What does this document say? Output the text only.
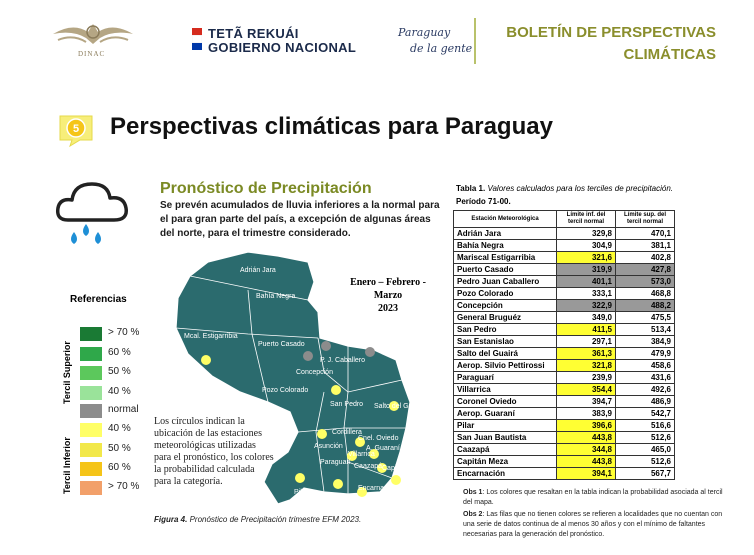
DINAC
TETÃ REKUÁI
GOBIERNO NACIONAL
Paraguay
de la gente
BOLETÍN DE PERSPECTIVAS
CLIMÁTICAS
5 Perspectivas climáticas para Paraguay
Pronóstico de Precipitación
Se prevén acumulados de lluvia inferiores a la normal para el para gran parte del país, a excepción de algunas áreas del norte, para el trimestre considerado.
Referencias
Tercil Superior
Tercil Inferior
> 70 %
60 %
50 %
40 %
normal
40 %
50 %
60 %
> 70 %
Adrián Jara
Bahía Negra
Mcal. Estigarribia
Puerto Casado
P. J. Caballero
Concepción
Pozo Colorado
San Pedro Salto del Guairá
Asunción
Cordillera
Cnel. Oviedo
A. Guaraní
Paraguarí
Villarrica
Caazapá Capitán Meza
Pilar
S.J.Bautista
Encarnación
Enero – Febrero - Marzo
2023
Los círculos indican la ubicación de las estaciones meteorológicas utilizadas para el pronóstico, los colores la probabilidad calculada para la categoría.
Figura 4. Pronóstico de Precipitación trimestre EFM 2023.
Tabla 1. Valores calculados para los terciles de precipitación.
Período 71-00.
Estación Meteorológica	Límite inf. del tercil normal	Límite sup. del tercil normal
Adrián Jara	329,8	470,1
Bahía Negra	304,9	381,1
Mariscal Estigarribia	321,6	402,8
Puerto Casado	319,9	427,8
Pedro Juan Caballero	401,1	573,0
Pozo Colorado	333,1	468,8
Concepción	322,9	488,2
General Bruguéz	349,0	475,5
San Pedro	411,5	513,4
San Estanislao	297,1	384,9
Salto del Guairá	361,3	479,9
Aerop. Silvio Pettirossi	321,8	458,6
Paraguarí	239,9	431,6
Villarrica	354,4	492,6
Coronel Oviedo	394,7	486,9
Aerop. Guaraní	383,9	542,7
Pilar	396,6	516,6
San Juan Bautista	443,8	512,6
Caazapá	344,8	465,0
Capitán Meza	443,8	512,6
Encarnación	394,1	567,7

Obs 1: Los colores que resaltan en la tabla indican la probabilidad asociada al tercil del mapa.

Obs 2: Las filas que no tienen colores se refieren a localidades que no cuentan con una serie de datos continua de al menos 30 años y con el mínimo de faltantes necesarias para la generación del pronóstico.
